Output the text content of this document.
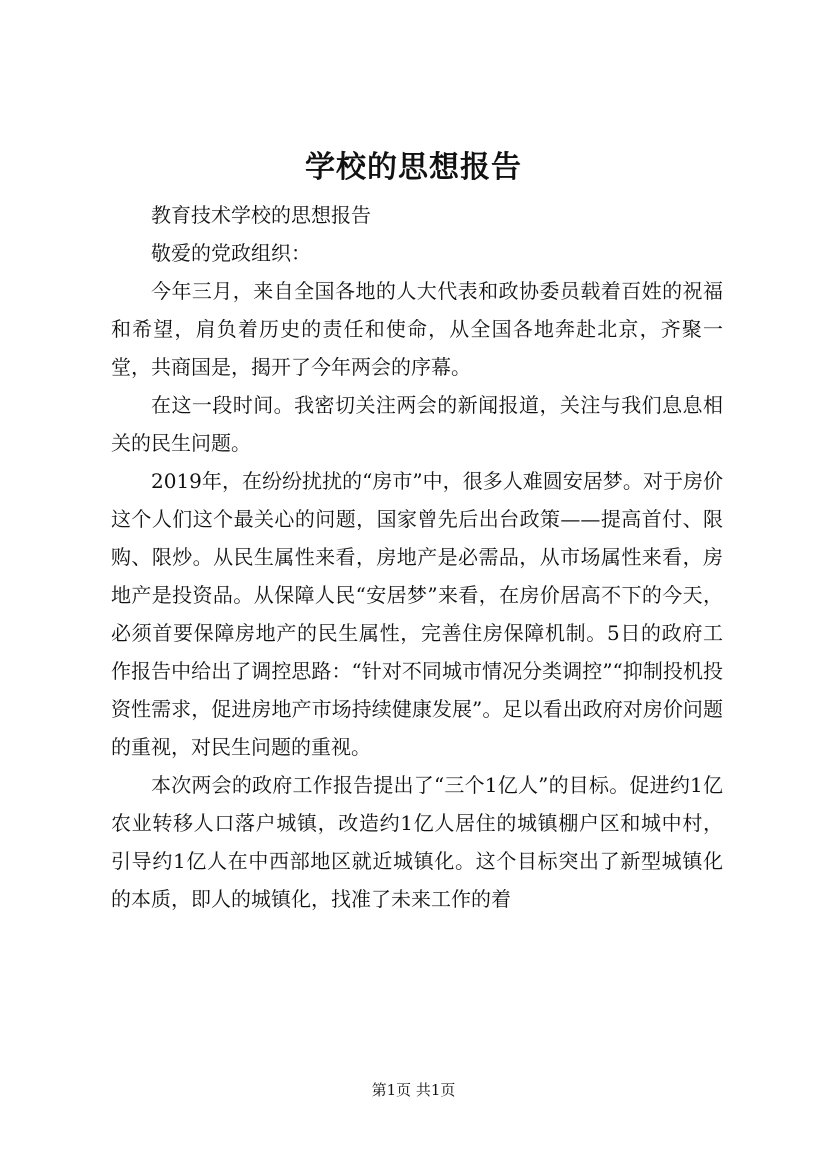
学校的思想报告

教育技术学校的思想报告

敬爱的党政组织：

今年三月，来自全国各地的人大代表和政协委员载着百姓的祝福和希望，肩负着历史的责任和使命，从全国各地奔赴北京，齐聚一堂，共商国是，揭开了今年两会的序幕。

在这一段时间。我密切关注两会的新闻报道，关注与我们息息相关的民生问题。

2019年，在纷纷扰扰的“房市”中，很多人难圆安居梦。对于房价这个人们这个最关心的问题，国家曾先后出台政策——提高首付、限购、限炒。从民生属性来看，房地产是必需品，从市场属性来看，房地产是投资品。从保障人民“安居梦”来看，在房价居高不下的今天，必须首要保障房地产的民生属性，完善住房保障机制。5日的政府工作报告中给出了调控思路：“针对不同城市情况分类调控”“抑制投机投资性需求，促进房地产市场持续健康发展”。足以看出政府对房价问题的重视，对民生问题的重视。

本次两会的政府工作报告提出了“三个1亿人”的目标。促进约1亿农业转移人口落户城镇，改造约1亿人居住的城镇棚户区和城中村，引导约1亿人在中西部地区就近城镇化。这个目标突出了新型城镇化的本质，即人的城镇化，找准了未来工作的着

第1页 共1页
